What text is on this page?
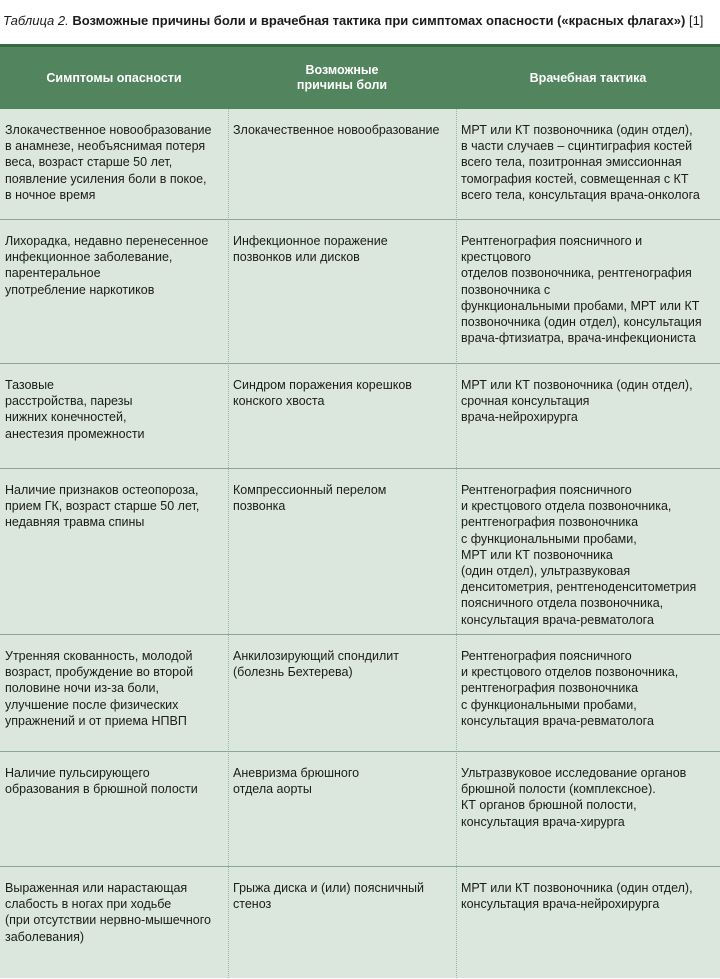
Таблица 2. Возможные причины боли и врачебная тактика при симптомах опасности («красных флагах») [1]
Симптомы опасности
Возможные
причины боли
Врачебная тактика
Злокачественное новообразование
в анамнезе, необъяснимая потеря
веса, возраст старше 50 лет,
появление усиления боли в покое,
в ночное время
Злокачественное новообразование	МРТ или КТ позвоночника (один отдел),
в части случаев – сцинтиграфия костей
всего тела, позитронная эмиссионная
томография костей, совмещенная с КТ
всего тела, консультация врача-онколога
Лихорадка, недавно перенесенное
инфекционное заболевание,
парентеральное
употребление наркотиков
Инфекционное поражение
позвонков или дисков
Рентгенография поясничного и
крестцового
отделов позвоночника, рентгенография
позвоночника с
функциональными пробами, МРТ или КТ
позвоночника (один отдел), консультация
врача-фтизиатра, врача-инфекциониста
Тазовые
расстройства, парезы
нижних конечностей,
анестезия промежности
Синдром поражения корешков
конского хвоста
МРТ или КТ позвоночника (один отдел),
срочная консультация
врача-нейрохирурга
Наличие признаков остеопороза,
прием ГК, возраст старше 50 лет,
недавняя травма спины
Компрессионный перелом
позвонка
Рентгенография поясничного
и крестцового отдела позвоночника,
рентгенография позвоночника
с функциональными пробами,
МРТ или КТ позвоночника
(один отдел), ультразвуковая
денситометрия, рентгеноденситометрия
поясничного отдела позвоночника,
консультация врача-ревматолога
Утренняя скованность, молодой
возраст, пробуждение во второй
половине ночи из-за боли,
улучшение после физических
упражнений и от приема НПВП
Анкилозирующий спондилит
(болезнь Бехтерева)
Рентгенография поясничного
и крестцового отделов позвоночника,
рентгенография позвоночника
с функциональными пробами,
консультация врача-ревматолога
Наличие пульсирующего
образования в брюшной полости
Аневризма брюшного
отдела аорты
Ультразвуковое исследование органов
брюшной полости (комплексное).
КТ органов брюшной полости,
консультация врача-хирурга
Выраженная или нарастающая
слабость в ногах при ходьбе
(при отсутствии нервно-мышечного
заболевания)
Грыжа диска и (или) поясничный
стеноз
МРТ или КТ позвоночника (один отдел),
консультация врача-нейрохирурга
